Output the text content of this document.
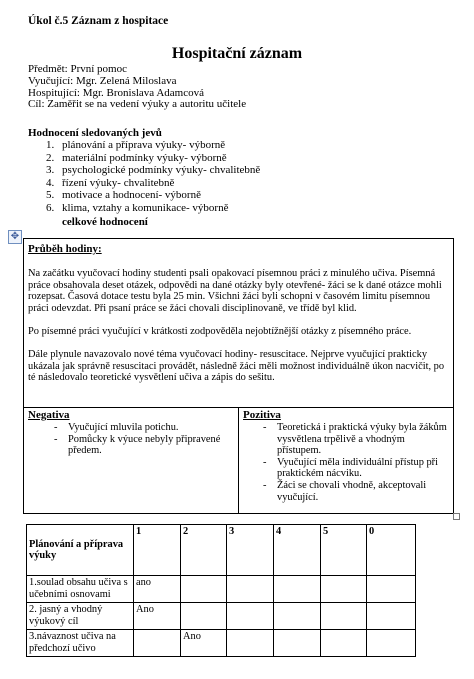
Úkol č.5 Záznam z hospitace
Hospitační záznam
Předmět: První pomoc
Vyučující: Mgr. Zelená Miloslava
Hospitující: Mgr. Bronislava Adamcová
Cíl: Zaměřit se na vedení výuky a autoritu učitele
Hodnocení sledovaných jevů
1. plánování a příprava výuky- výborně
2. materiální podmínky výuky- výborně
3. psychologické podmínky výuky- chvalitebně
4. řízení výuky- chvalitebně
5. motivace a hodnocení- výborně
6. klima, vztahy a komunikace- výborně
celkové hodnocení
✥
Průběh hodiny:

Na začátku vyučovací hodiny studenti psali opakovací písemnou práci z minulého učiva. Písemná práce obsahovala deset otázek, odpovědi na dané otázky byly otevřené- žáci se k dané otázce mohli rozepsat. Časová dotace testu byla 25 min. Všichni žáci byli schopni v časovém limitu písemnou práci odevzdat. Při psaní práce se žáci chovali disciplinovaně, ve třídě byl klid.

Po písemné práci vyučující v krátkosti zodpověděla nejobtížnější otázky z písemného práce.

Dále plynule navazovalo nové téma vyučovací hodiny- resuscitace. Nejprve vyučující prakticky ukázala jak správně resuscitaci provádět, následně žáci měli možnost individuálně úkon nacvičit, po té následovalo teoretické vysvětlení učiva a zápis do sešitu.

Negativa
- Vyučující mluvila potichu.
- Pomůcky k výuce nebyly připravené předem.
Pozitiva
- Teoretická i praktická výuky byla žákům vysvětlena trpělivě a vhodným přístupem.
- Vyučující měla individuální přístup při praktickém nácviku.
- Žáci se chovali vhodně, akceptovali vyučující.
Plánování a příprava výuky	1	2	3	4	5	0
1.soulad obsahu učiva s učebními osnovami	ano					
2. jasný a vhodný výukový cíl	Ano					
3.návaznost učiva na předchozí učivo		Ano				
